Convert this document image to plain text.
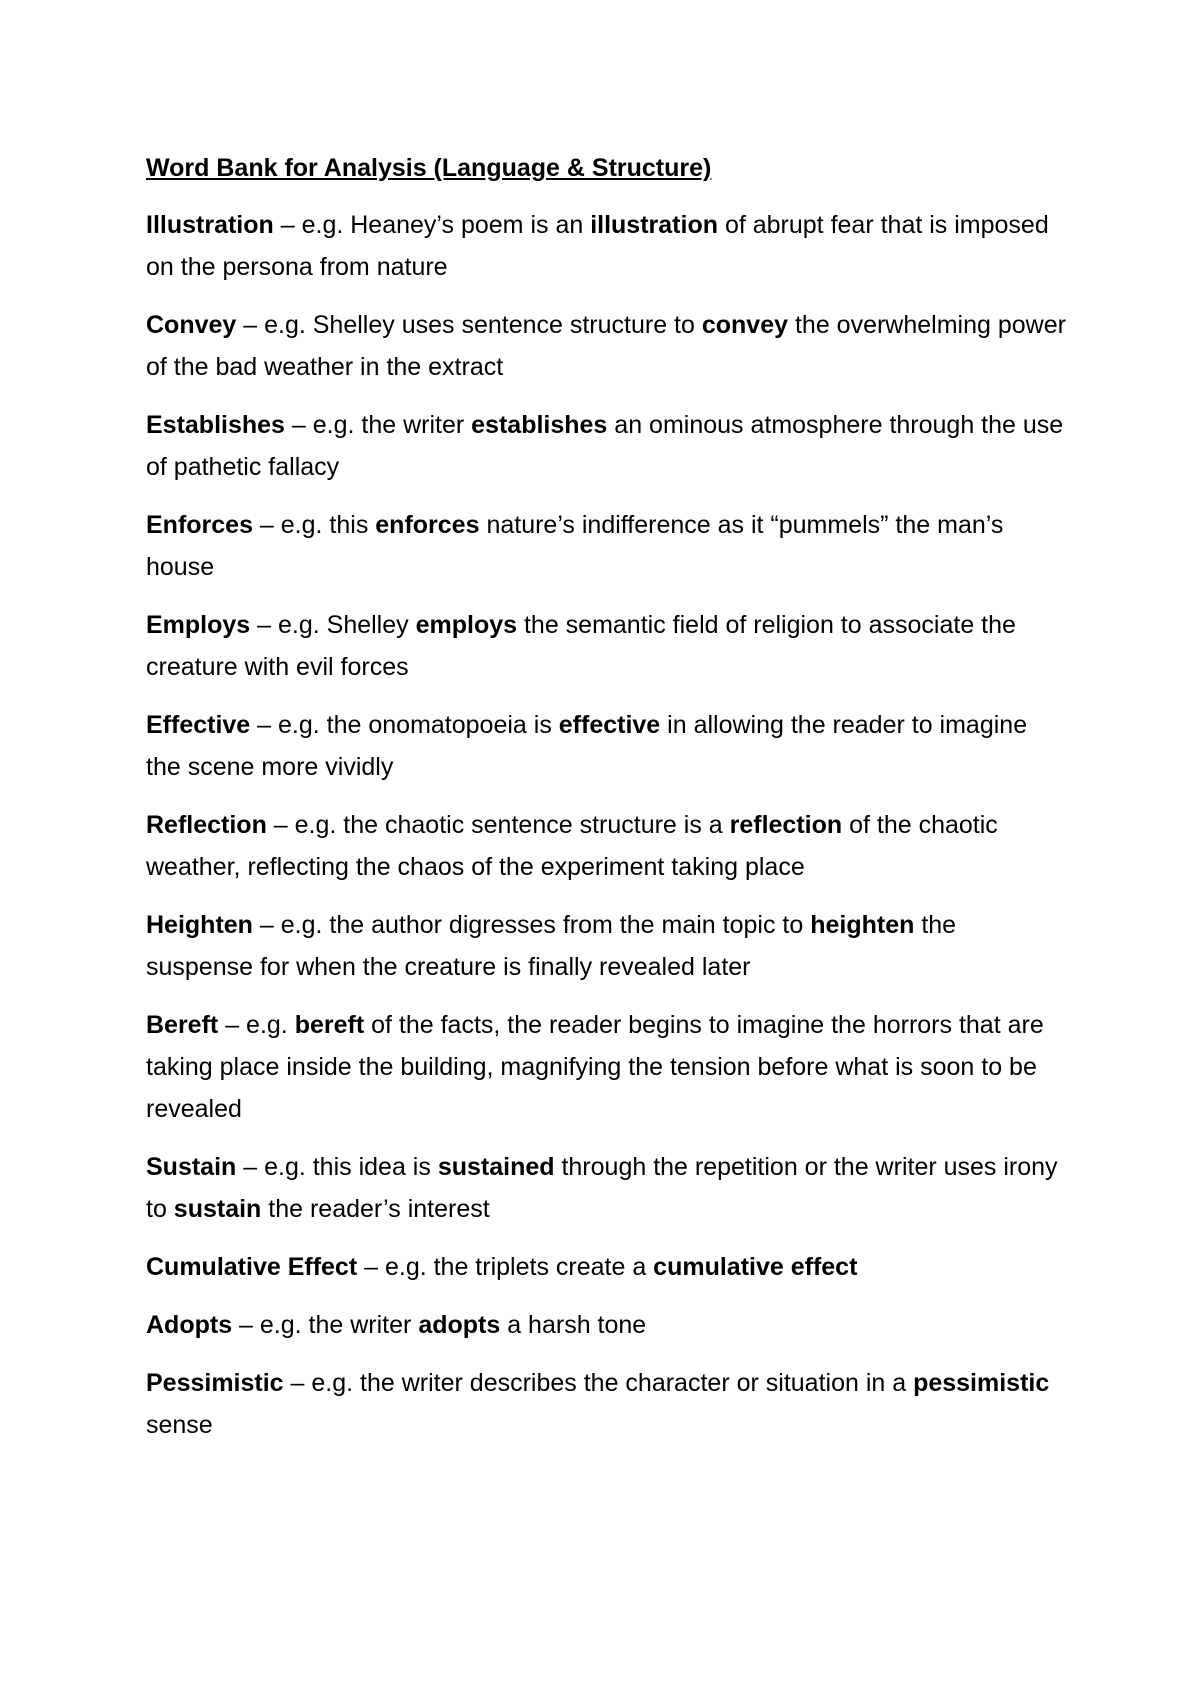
Word Bank for Analysis (Language & Structure)
Illustration – e.g. Heaney’s poem is an illustration of abrupt fear that is imposed on the persona from nature
Convey – e.g. Shelley uses sentence structure to convey the overwhelming power of the bad weather in the extract
Establishes – e.g. the writer establishes an ominous atmosphere through the use of pathetic fallacy
Enforces – e.g. this enforces nature’s indifference as it “pummels” the man’s house
Employs – e.g. Shelley employs the semantic field of religion to associate the creature with evil forces
Effective – e.g. the onomatopoeia is effective in allowing the reader to imagine the scene more vividly
Reflection – e.g. the chaotic sentence structure is a reflection of the chaotic weather, reflecting the chaos of the experiment taking place
Heighten – e.g. the author digresses from the main topic to heighten the suspense for when the creature is finally revealed later
Bereft – e.g. bereft of the facts, the reader begins to imagine the horrors that are taking place inside the building, magnifying the tension before what is soon to be revealed
Sustain – e.g. this idea is sustained through the repetition or the writer uses irony to sustain the reader’s interest
Cumulative Effect – e.g. the triplets create a cumulative effect
Adopts – e.g. the writer adopts a harsh tone
Pessimistic – e.g. the writer describes the character or situation in a pessimistic sense
